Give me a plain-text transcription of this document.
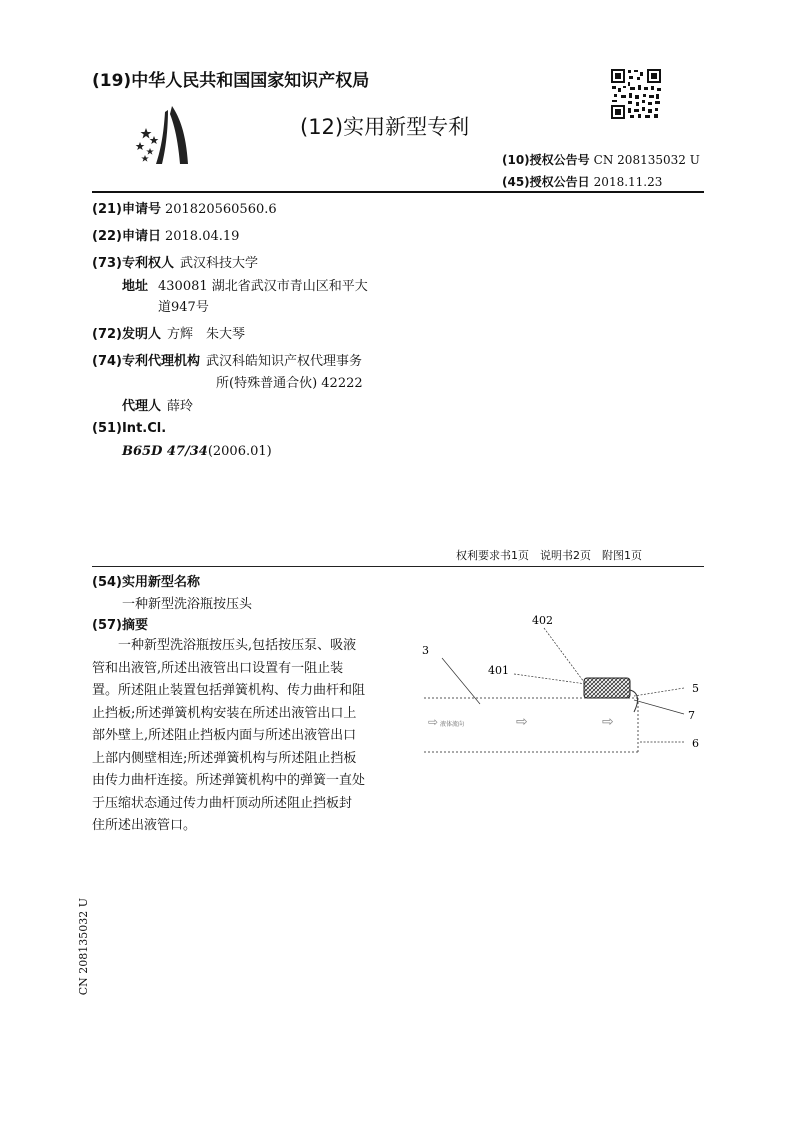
(19)中华人民共和国国家知识产权局
(12)实用新型专利
(10)授权公告号 CN 208135032 U
(45)授权公告日 2018.11.23
(21)申请号 201820560560.6
(22)申请日 2018.04.19
(73)专利权人 武汉科技大学
地址 430081 湖北省武汉市青山区和平大
道947号
(72)发明人 方辉　朱大琴
(74)专利代理机构 武汉科皓知识产权代理事务
所(特殊普通合伙) 42222
代理人 薛玲
(51)Int.Cl.
B65D 47/34(2006.01)
权利要求书1页　说明书2页　附图1页
(54)实用新型名称
一种新型洗浴瓶按压头
(57)摘要

一种新型洗浴瓶按压头,包括按压泵、吸液

管和出液管,所述出液管出口设置有一阻止装

置。所述阻止装置包括弹簧机构、传力曲杆和阻

止挡板;所述弹簧机构安装在所述出液管出口上

部外壁上,所述阻止挡板内面与所述出液管出口

上部内侧壁相连;所述弹簧机构与所述阻止挡板

由传力曲杆连接。所述弹簧机构中的弹簧一直处

于压缩状态通过传力曲杆顶动所述阻止挡板封

住所述出液管口。

⇨ 液体流向	⇨	⇨
402
3
401
5
7
6
CN 208135032 U
